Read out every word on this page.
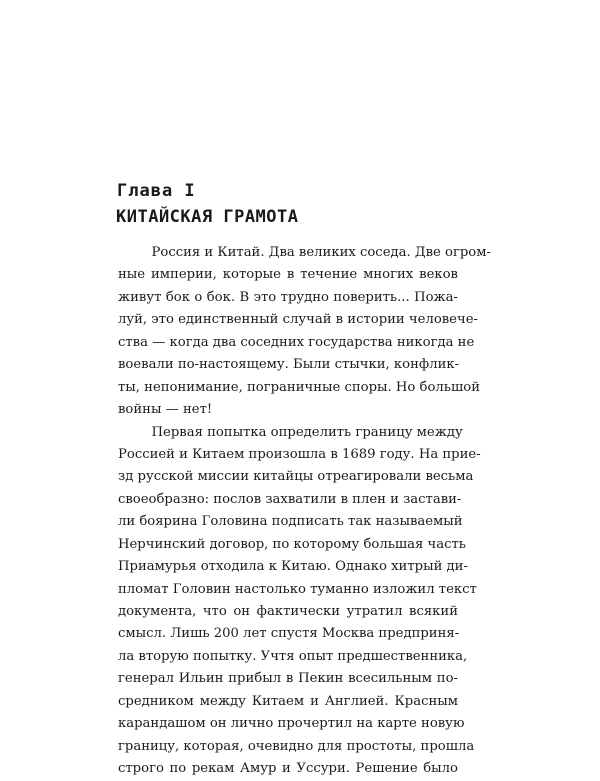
Глава I
КИТАЙСКАЯ ГРАМОТА
Россия и Китай. Два великих соседа. Две огром-
ные империи, которые в течение многих веков
живут бок о бок. В это трудно поверить... Пожа-
луй, это единственный случай в истории человече-
ства — когда два соседних государства никогда не
воевали по-настоящему. Были стычки, конфлик-
ты, непонимание, пограничные споры. Но большой
войны — нет!
Первая попытка определить границу между
Россией и Китаем произошла в 1689 году. На прие-
зд русской миссии китайцы отреагировали весьма
своеобразно: послов захватили в плен и застави-
ли боярина Головина подписать так называемый
Нерчинский договор, по которому большая часть
Приамурья отходила к Китаю. Однако хитрый ди-
пломат Головин настолько туманно изложил текст
документа, что он фактически утратил всякий
смысл. Лишь 200 лет спустя Москва предприня-
ла вторую попытку. Учтя опыт предшественника,
генерал Ильин прибыл в Пекин всесильным по-
средником между Китаем и Англией. Красным
карандашом он лично прочертил на карте новую
границу, которая, очевидно для простоты, прошла
строго по рекам Амур и Уссури. Решение было
